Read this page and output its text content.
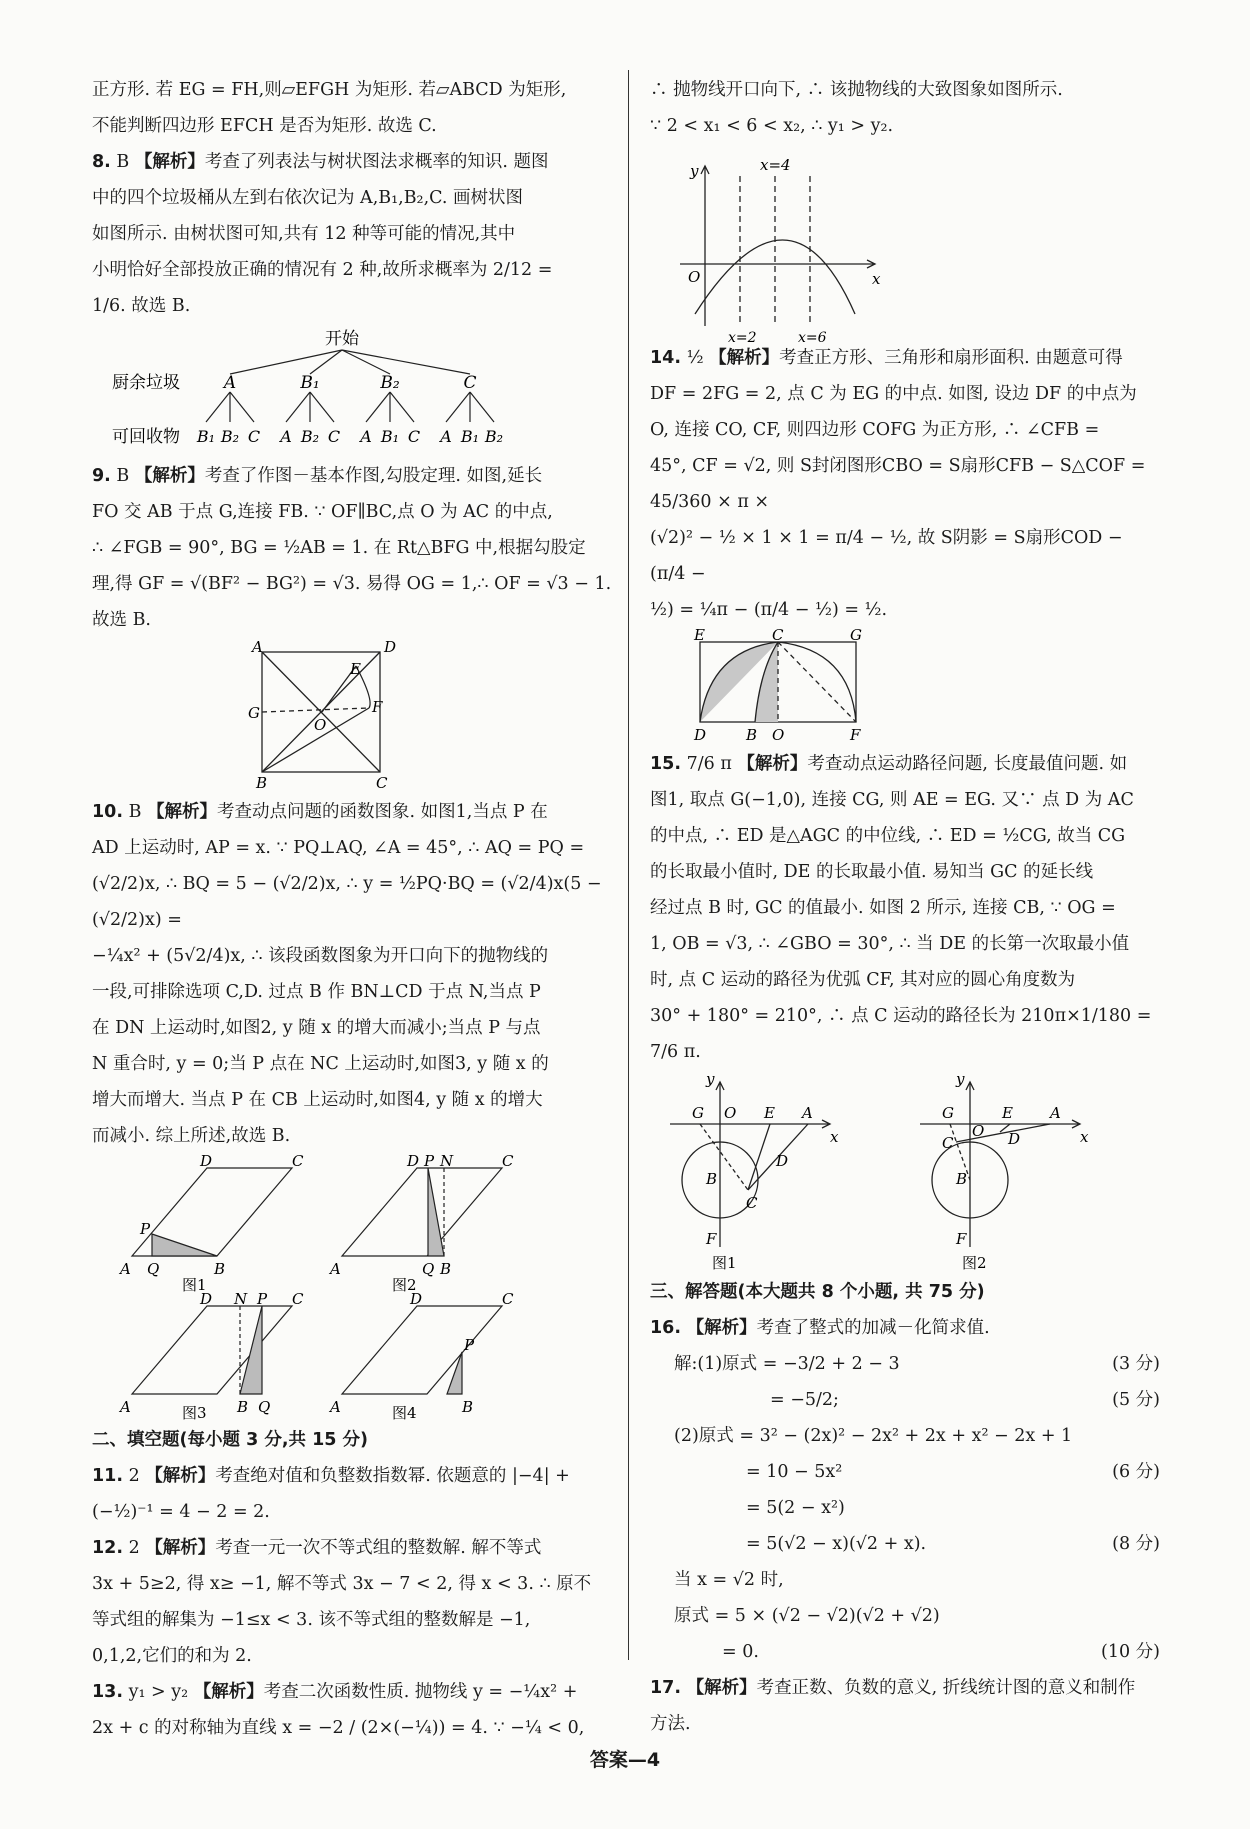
正方形. 若 EG = FH,则▱EFGH 为矩形. 若▱ABCD 为矩形,

不能判断四边形 EFCH 是否为矩形. 故选 C.

8. B 【解析】考查了列表法与树状图法求概率的知识. 题图

中的四个垃圾桶从左到右依次记为 A,B₁,B₂,C. 画树状图

如图所示. 由树状图可知,共有 12 种等可能的情况,其中

小明恰好全部投放正确的情况有 2 种,故所求概率为 2/12 =

1/6. 故选 B.

开始
厨余垃圾
可回收物
A	B₁	B₂	C
B₁ B₂ C A B₂ C A B₁ C A B₁ B₂

9. B 【解析】考查了作图－基本作图,勾股定理. 如图,延长

FO 交 AB 于点 G,连接 FB. ∵ OF∥BC,点 O 为 AC 的中点,

∴ ∠FGB = 90°, BG = ½AB = 1. 在 Rt△BFG 中,根据勾股定

理,得 GF = √(BF² − BG²) = √3. 易得 OG = 1,∴ OF = √3 − 1.

故选 B.

A	D
E
G	F
O
B	C

10. B 【解析】考查动点问题的函数图象. 如图1,当点 P 在

AD 上运动时, AP = x. ∵ PQ⊥AQ, ∠A = 45°, ∴ AQ = PQ =

(√2/2)x, ∴ BQ = 5 − (√2/2)x, ∴ y = ½PQ·BQ = (√2/4)x(5 − (√2/2)x) =

−¼x² + (5√2/4)x, ∴ 该段函数图象为开口向下的抛物线的

一段,可排除选项 C,D. 过点 B 作 BN⊥CD 于点 N,当点 P

在 DN 上运动时,如图2, y 随 x 的增大而减小;当点 P 与点

N 重合时, y = 0;当 P 点在 NC 上运动时,如图3, y 随 x 的

增大而增大. 当点 P 在 CB 上运动时,如图4, y 随 x 的增大

而减小. 综上所述,故选 B.

D	C
P
A Q	B
D P N	C
A	Q B
D N P C
A	B Q
D	C
P
A	B
图1	图2
图3	图4

二、填空题(每小题 3 分,共 15 分)

11. 2 【解析】考查绝对值和负整数指数幂. 依题意的 |−4| +

(−½)⁻¹ = 4 − 2 = 2.

12. 2 【解析】考查一元一次不等式组的整数解. 解不等式

3x + 5≥2, 得 x≥ −1, 解不等式 3x − 7 < 2, 得 x < 3. ∴ 原不

等式组的解集为 −1≤x < 3. 该不等式组的整数解是 −1,

0,1,2,它们的和为 2.

13. y₁ > y₂ 【解析】考查二次函数性质. 抛物线 y = −¼x² +

2x + c 的对称轴为直线 x = −2 / (2×(−¼)) = 4. ∵ −¼ < 0,

∴ 抛物线开口向下, ∴ 该抛物线的大致图象如图所示.

∵ 2 < x₁ < 6 < x₂, ∴ y₁ > y₂.

y
x
O
x=4
x=2	x=6

14. ½ 【解析】考查正方形、三角形和扇形面积. 由题意可得

DF = 2FG = 2, 点 C 为 EG 的中点. 如图, 设边 DF 的中点为

O, 连接 CO, CF, 则四边形 COFG 为正方形, ∴ ∠CFB =

45°, CF = √2, 则 S封闭图形CBO = S扇形CFB − S△COF = 45/360 × π ×

(√2)² − ½ × 1 × 1 = π/4 − ½, 故 S阴影 = S扇形COD − (π/4 −

½) = ¼π − (π/4 − ½) = ½.

E	C	G
D	B O	F

15. 7/6 π 【解析】考查动点运动路径问题, 长度最值问题. 如

图1, 取点 G(−1,0), 连接 CG, 则 AE = EG. 又∵ 点 D 为 AC

的中点, ∴ ED 是△AGC 的中位线, ∴ ED = ½CG, 故当 CG

的长取最小值时, DE 的长取最小值. 易知当 GC 的延长线

经过点 B 时, GC 的值最小. 如图 2 所示, 连接 CB, ∵ OG =

1, OB = √3, ∴ ∠GBO = 30°, ∴ 当 DE 的长第一次取最小值

时, 点 C 运动的路径为优弧 CF, 其对应的圆心角度数为

30° + 180° = 210°, ∴ 点 C 运动的路径长为 210π×1/180 =

7/6 π.

y
x
G O E A
B
C
D
F
y
x
G
O
E A
B
C	D
F
图1	图2

三、解答题(本大题共 8 个小题, 共 75 分)

16. 【解析】考查了整式的加减－化简求值.

解:(1)原式 = −3/2 + 2 − 3	(3 分)

= −5/2;	(5 分)

(2)原式 = 3² − (2x)² − 2x² + 2x + x² − 2x + 1

= 10 − 5x²	(6 分)

= 5(2 − x²)

= 5(√2 − x)(√2 + x).	(8 分)

当 x = √2 时,

原式 = 5 × (√2 − √2)(√2 + √2)

= 0.	(10 分)

17. 【解析】考查正数、负数的意义, 折线统计图的意义和制作

方法.

答案—4
